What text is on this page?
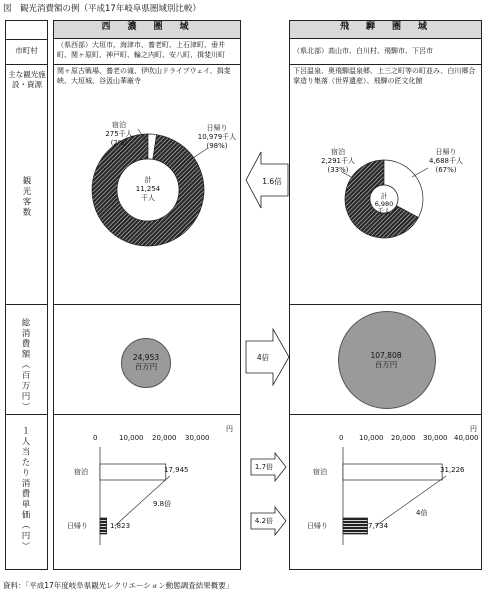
図　観光消費額の例（平成17年岐阜県圏域別比較）
市町村
主な観光施設・資源
観光客数
総消費額（百万円）
１人当たり消費単価（円）
西　濃　圏　域
（県西部）大垣市、海津市、養老町、上石津町、垂井町、関ヶ原町、神戸町、輪之内町、安八町、揖斐川町
関ヶ原古戦場、養老の滝、伊吹山ドライブウェイ、揖斐峡、大垣城、谷汲山華厳寺
飛　騨　圏　域
（県北部）高山市、白川村、飛騨市、下呂市
下呂温泉、奥飛騨温泉郷、上三之町等の町並み、白川郷合掌造り集落（世界遺産）、飛騨の匠文化館
宿泊
275千人
(2%)
日帰り
10,979千人
(98%)
計
11,254
千人
宿泊
2,291千人
(33%)
日帰り
4,688千人
(67%)
計
6,980
千人
1.6倍
4倍
1.7倍
4.2倍
24,953
百万円
107,808
百万円
0	10,000 20,000 30,000
円
宿泊
日帰り
17,945
1,823
9.8倍
0 10,000 20,000 30,000 40,000
円
宿泊
日帰り
31,226
7,734
4倍
資料：「平成17年度岐阜県観光レクリエーション動態調査結果概要」
